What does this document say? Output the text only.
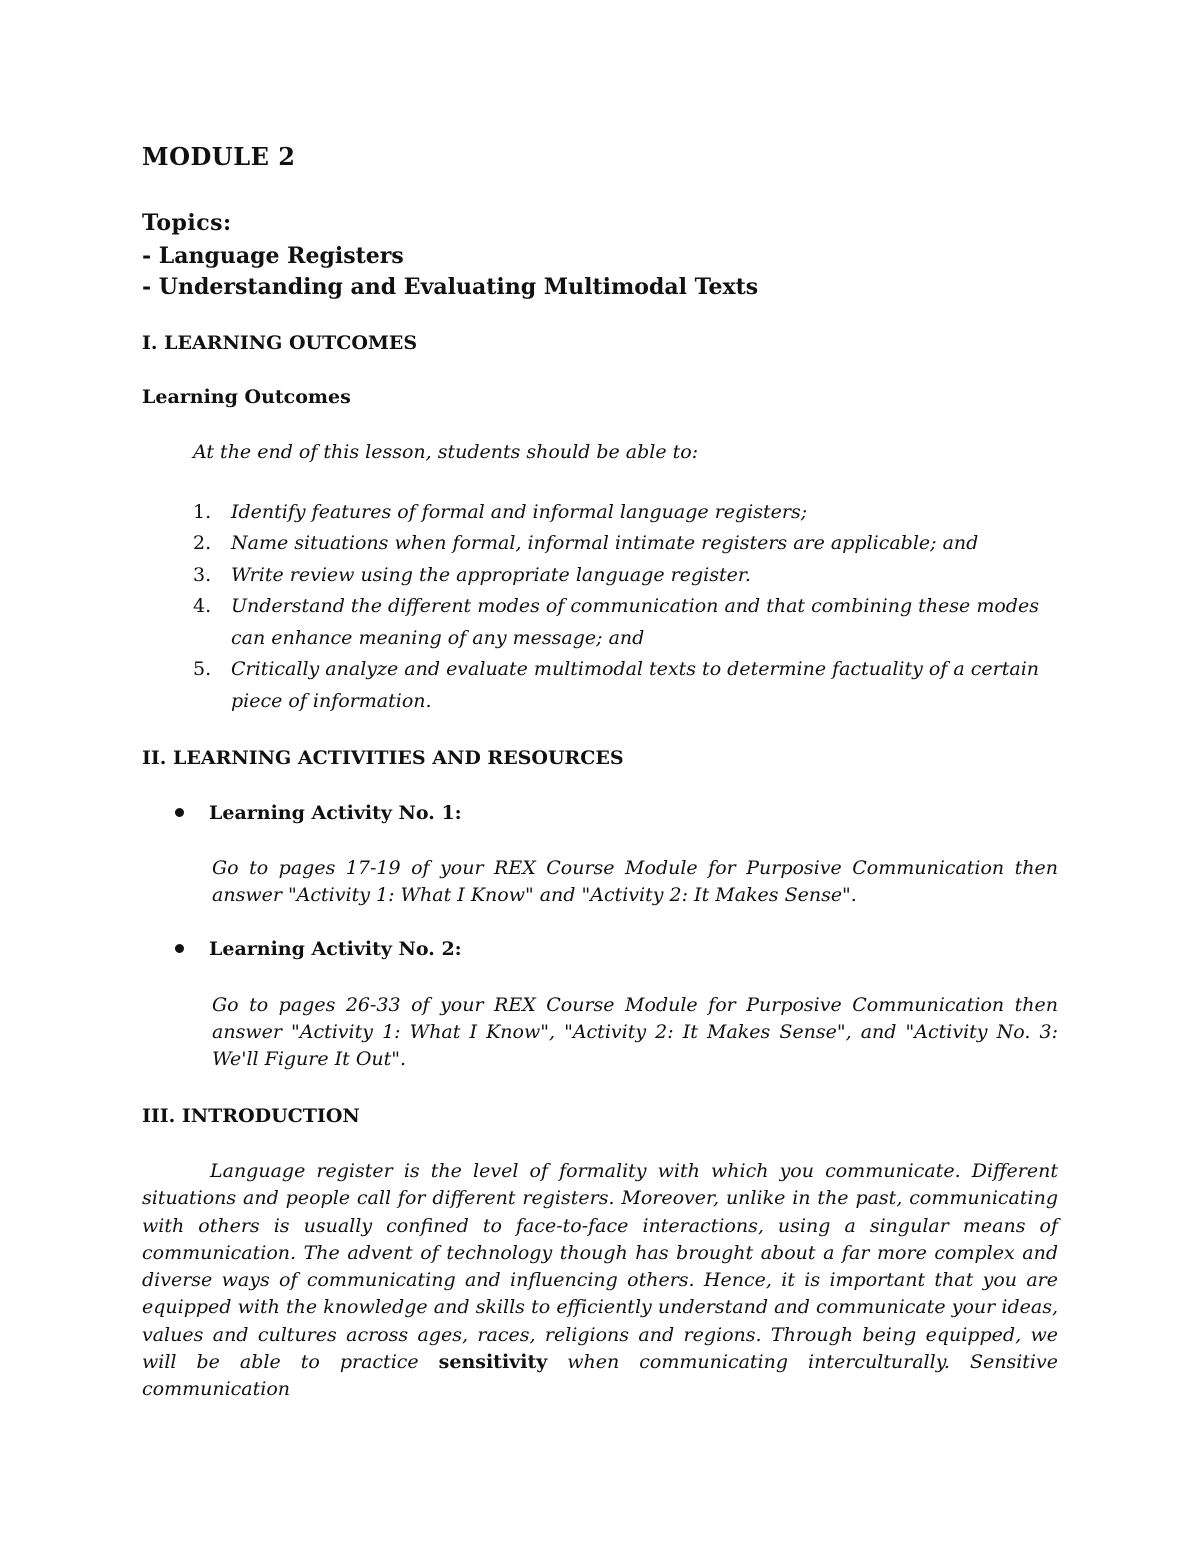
MODULE 2
Topics:
- Language Registers
- Understanding and Evaluating Multimodal Texts
I. LEARNING OUTCOMES
Learning Outcomes
At the end of this lesson, students should be able to:
1. Identify features of formal and informal language registers;
2. Name situations when formal, informal intimate registers are applicable; and
3. Write review using the appropriate language register.
4. Understand the different modes of communication and that combining these modes can enhance meaning of any message; and
5. Critically analyze and evaluate multimodal texts to determine factuality of a certain piece of information.
II. LEARNING ACTIVITIES AND RESOURCES
Learning Activity No. 1:

Go to pages 17-19 of your REX Course Module for Purposive Communication then answer "Activity 1: What I Know" and "Activity 2: It Makes Sense".

Learning Activity No. 2:

Go to pages 26-33 of your REX Course Module for Purposive Communication then answer "Activity 1: What I Know", "Activity 2: It Makes Sense", and "Activity No. 3: We'll Figure It Out".

III. INTRODUCTION

Language register is the level of formality with which you communicate. Different situations and people call for different registers. Moreover, unlike in the past, communicating with others is usually confined to face-to-face interactions, using a singular means of communication. The advent of technology though has brought about a far more complex and diverse ways of communicating and influencing others. Hence, it is important that you are equipped with the knowledge and skills to efficiently understand and communicate your ideas, values and cultures across ages, races, religions and regions. Through being equipped, we will be able to practice sensitivity when communicating interculturally. Sensitive communication
